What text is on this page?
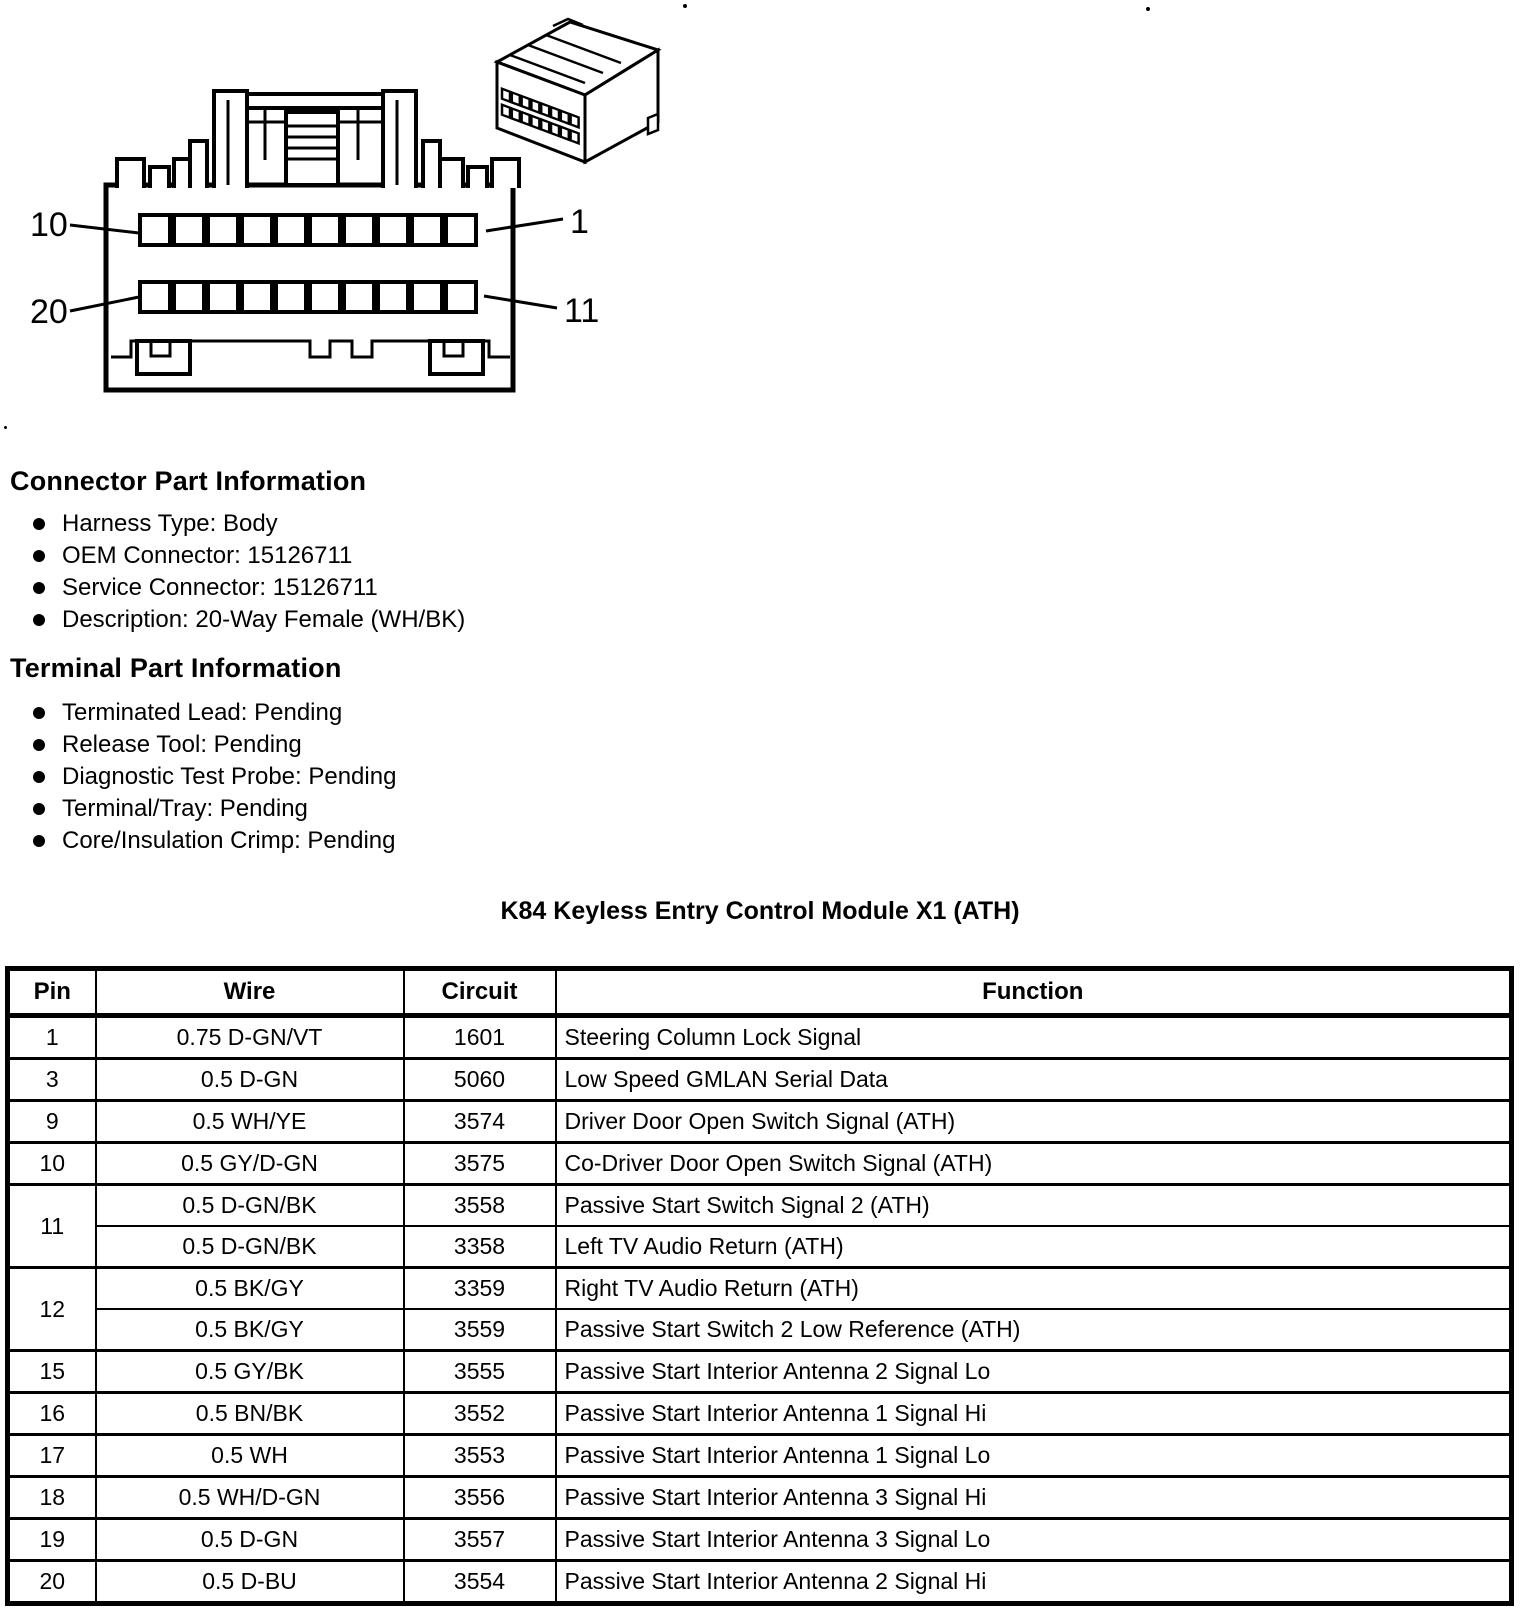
10	1
20	11
Connector Part Information
Harness Type: Body
OEM Connector: 15126711
Service Connector: 15126711
Description: 20-Way Female (WH/BK)
Terminal Part Information
Terminated Lead: Pending
Release Tool: Pending
Diagnostic Test Probe: Pending
Terminal/Tray: Pending
Core/Insulation Crimp: Pending
K84 Keyless Entry Control Module X1 (ATH)
Pin	Wire	Circuit	Function
1	0.75 D-GN/VT	1601	Steering Column Lock Signal
3	0.5 D-GN	5060	Low Speed GMLAN Serial Data
9	0.5 WH/YE	3574	Driver Door Open Switch Signal (ATH)
10	0.5 GY/D-GN	3575	Co-Driver Door Open Switch Signal (ATH)
11	0.5 D-GN/BK	3558	Passive Start Switch Signal 2 (ATH)
	0.5 D-GN/BK	3358	Left TV Audio Return (ATH)
12	0.5 BK/GY	3359	Right TV Audio Return (ATH)
	0.5 BK/GY	3559	Passive Start Switch 2 Low Reference (ATH)
15	0.5 GY/BK	3555	Passive Start Interior Antenna 2 Signal Lo
16	0.5 BN/BK	3552	Passive Start Interior Antenna 1 Signal Hi
17	0.5 WH	3553	Passive Start Interior Antenna 1 Signal Lo
18	0.5 WH/D-GN	3556	Passive Start Interior Antenna 3 Signal Hi
19	0.5 D-GN	3557	Passive Start Interior Antenna 3 Signal Lo
20	0.5 D-BU	3554	Passive Start Interior Antenna 2 Signal Hi
